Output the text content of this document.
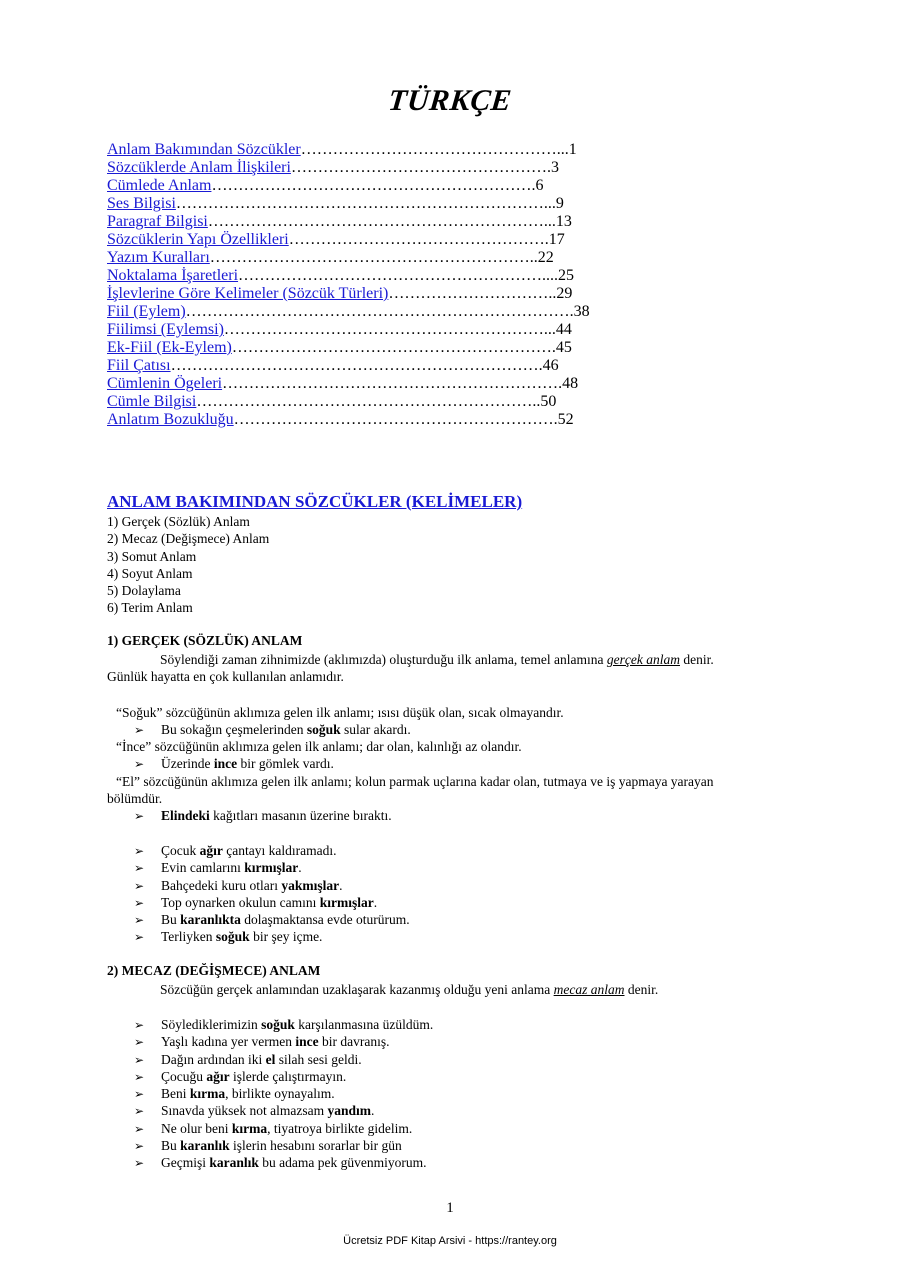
TÜRKÇE
Anlam Bakımından Sözcükler…………………………………………...1
Sözcüklerde Anlam İlişkileri………………………………………….3
Cümlede Anlam…………………………………………………….6
Ses Bilgisi……………………………………………………………...9
Paragraf Bilgisi………………………………………………………...13
Sözcüklerin Yapı Özellikleri………………………………………….17
Yazım Kuralları……………………………………………………..22
Noktalama İşaretleri…………………………………………………....25
İşlevlerine Göre Kelimeler (Sözcük Türleri)…………………………..29
Fiil (Eylem)……………………………………………………………….38
Fiilimsi (Eylemsi)……………………………………………………...44
Ek-Fiil (Ek-Eylem)…………………………………………………….45
Fiil Çatısı…………………………………………………………….46
Cümlenin Ögeleri……………………………………………………….48
Cümle Bilgisi………………………………………………………..50
Anlatım Bozukluğu…………………………………………………….52
ANLAM BAKIMINDAN SÖZCÜKLER (KELİMELER)
1) Gerçek (Sözlük) Anlam
2) Mecaz (Değişmece) Anlam
3) Somut Anlam
4) Soyut Anlam
5) Dolaylama
6) Terim Anlam
1) GERÇEK (SÖZLÜK) ANLAM
Söylendiği zaman zihnimizde (aklımızda) oluşturduğu ilk anlama, temel anlamına gerçek anlam denir.
Günlük hayatta en çok kullanılan anlamıdır.
“Soğuk” sözcüğünün aklımıza gelen ilk anlamı; ısısı düşük olan, sıcak olmayandır.
➢ Bu sokağın çeşmelerinden soğuk sular akardı.
“İnce” sözcüğünün aklımıza gelen ilk anlamı; dar olan, kalınlığı az olandır.
➢ Üzerinde ince bir gömlek vardı.
“El” sözcüğünün aklımıza gelen ilk anlamı; kolun parmak uçlarına kadar olan, tutmaya ve iş yapmaya yarayan
bölümdür.
➢ Elindeki kağıtları masanın üzerine bıraktı.
➢ Çocuk ağır çantayı kaldıramadı.
➢ Evin camlarını kırmışlar.
➢ Bahçedeki kuru otları yakmışlar.
➢ Top oynarken okulun camını kırmışlar.
➢ Bu karanlıkta dolaşmaktansa evde oturürum.
➢ Terliyken soğuk bir şey içme.
2) MECAZ (DEĞİŞMECE) ANLAM
Sözcüğün gerçek anlamından uzaklaşarak kazanmış olduğu yeni anlama mecaz anlam denir.
➢ Söylediklerimizin soğuk karşılanmasına üzüldüm.
➢ Yaşlı kadına yer vermen ince bir davranış.
➢ Dağın ardından iki el silah sesi geldi.
➢ Çocuğu ağır işlerde çalıştırmayın.
➢ Beni kırma, birlikte oynayalım.
➢ Sınavda yüksek not almazsam yandım.
➢ Ne olur beni kırma, tiyatroya birlikte gidelim.
➢ Bu karanlık işlerin hesabını sorarlar bir gün
➢ Geçmişi karanlık bu adama pek güvenmiyorum.
1
Ücretsiz PDF Kitap Arsivi - https://rantey.org
